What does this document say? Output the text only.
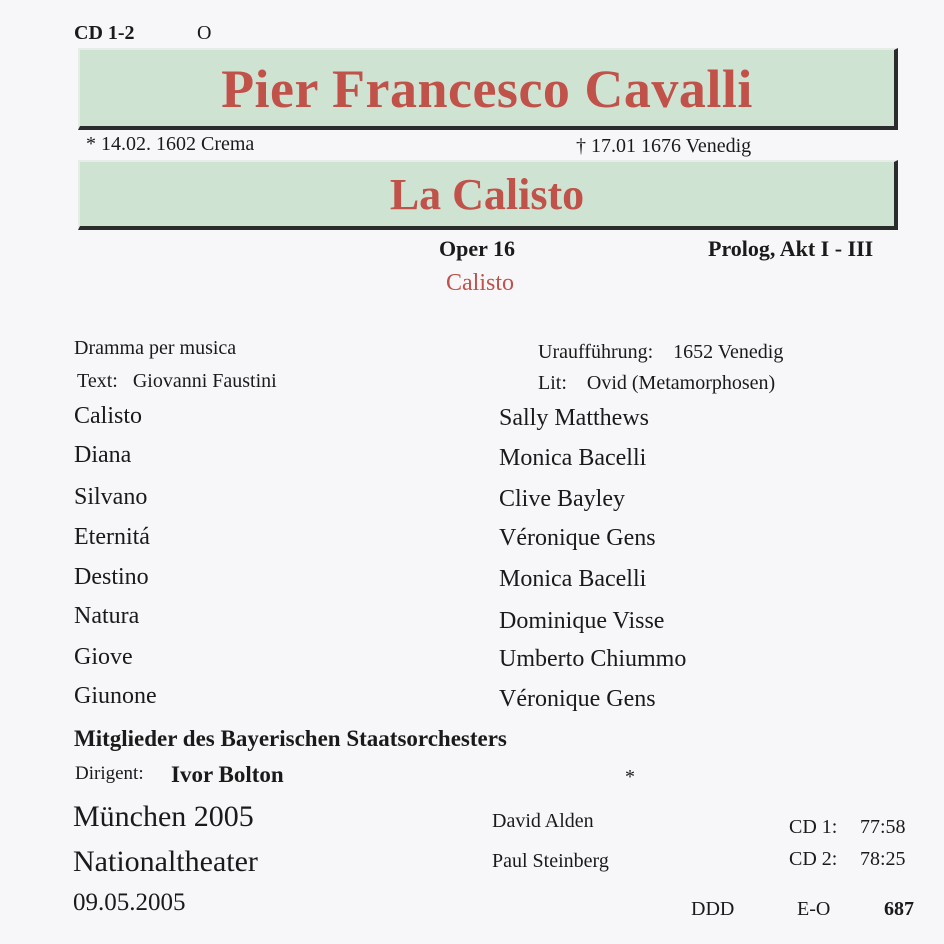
CD 1-2	O
Pier Francesco Cavalli
* 14.02. 1602 Crema	† 17.01 1676 Venedig
La Calisto
Oper 16	Prolog, Akt I - III
Calisto
Dramma per musica
Text: Giovanni Faustini
Uraufführung: 1652 Venedig
Lit: Ovid (Metamorphosen)
Calisto	Sally Matthews
Diana	Monica Bacelli
Silvano	Clive Bayley
Eternitá	Véronique Gens
Destino	Monica Bacelli
Natura	Dominique Visse
Giove	Umberto Chiummo
Giunone	Véronique Gens
Mitglieder des Bayerischen Staatsorchesters
Dirigent: Ivor Bolton	*
München 2005
Nationaltheater
09.05.2005
David Alden
Paul Steinberg
CD 1: 77:58
CD 2: 78:25
DDD	E-O	687
